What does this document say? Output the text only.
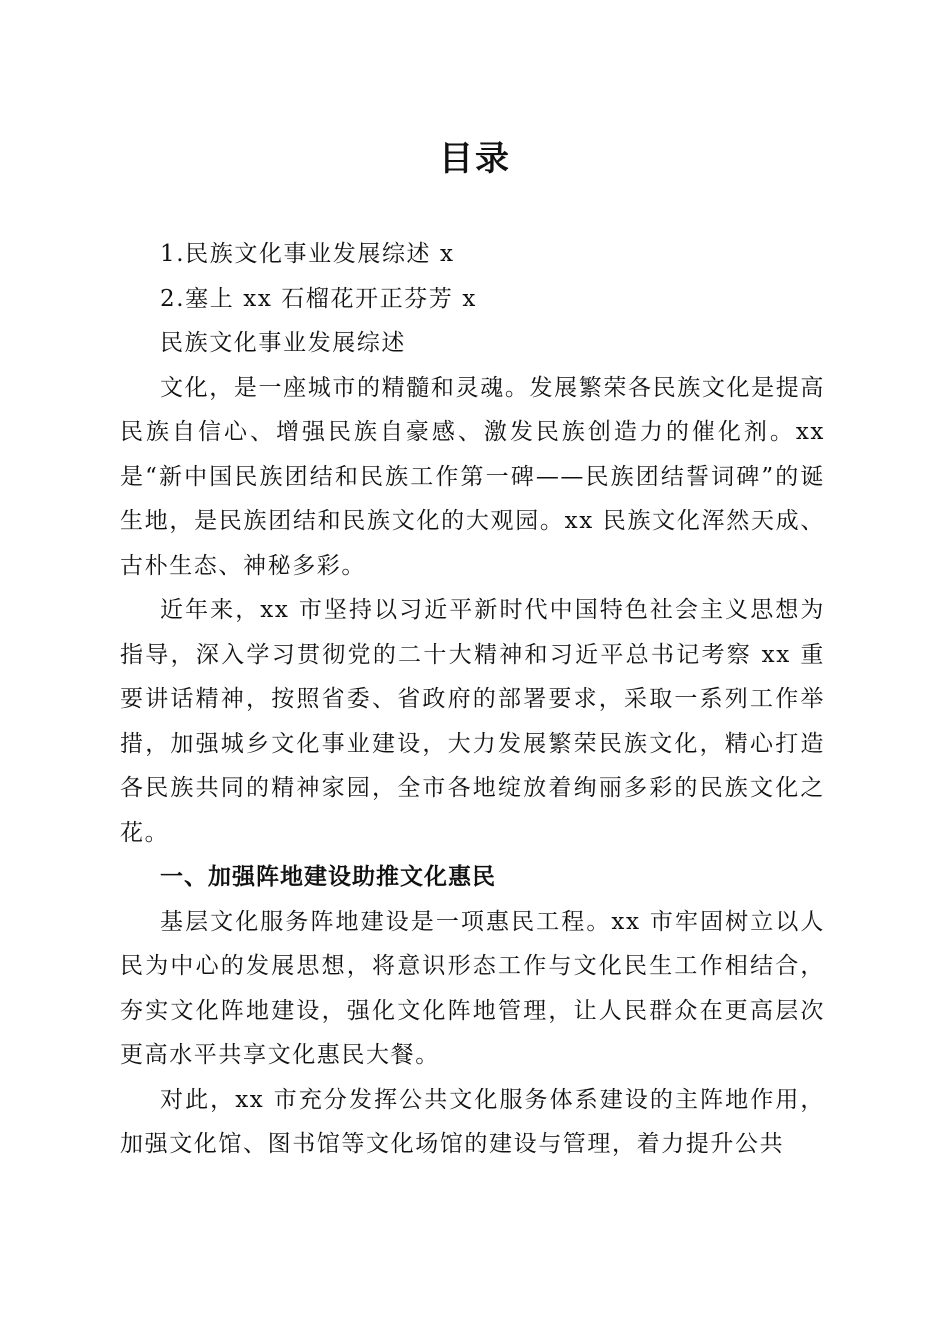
目录

1.民族文化事业发展综述 x

2.塞上 xx 石榴花开正芬芳 x

民族文化事业发展综述

文化，是一座城市的精髓和灵魂。发展繁荣各民族文化是提高民族自信心、增强民族自豪感、激发民族创造力的催化剂。xx 是“新中国民族团结和民族工作第一碑——民族团结誓词碑”的诞生地，是民族团结和民族文化的大观园。xx 民族文化浑然天成、古朴生态、神秘多彩。

近年来，xx 市坚持以习近平新时代中国特色社会主义思想为指导，深入学习贯彻党的二十大精神和习近平总书记考察 xx 重要讲话精神，按照省委、省政府的部署要求，采取一系列工作举措，加强城乡文化事业建设，大力发展繁荣民族文化，精心打造各民族共同的精神家园，全市各地绽放着绚丽多彩的民族文化之花。

一、加强阵地建设助推文化惠民

基层文化服务阵地建设是一项惠民工程。xx 市牢固树立以人民为中心的发展思想，将意识形态工作与文化民生工作相结合，夯实文化阵地建设，强化文化阵地管理，让人民群众在更高层次更高水平共享文化惠民大餐。

对此，xx 市充分发挥公共文化服务体系建设的主阵地作用，加强文化馆、图书馆等文化场馆的建设与管理，着力提升公共
